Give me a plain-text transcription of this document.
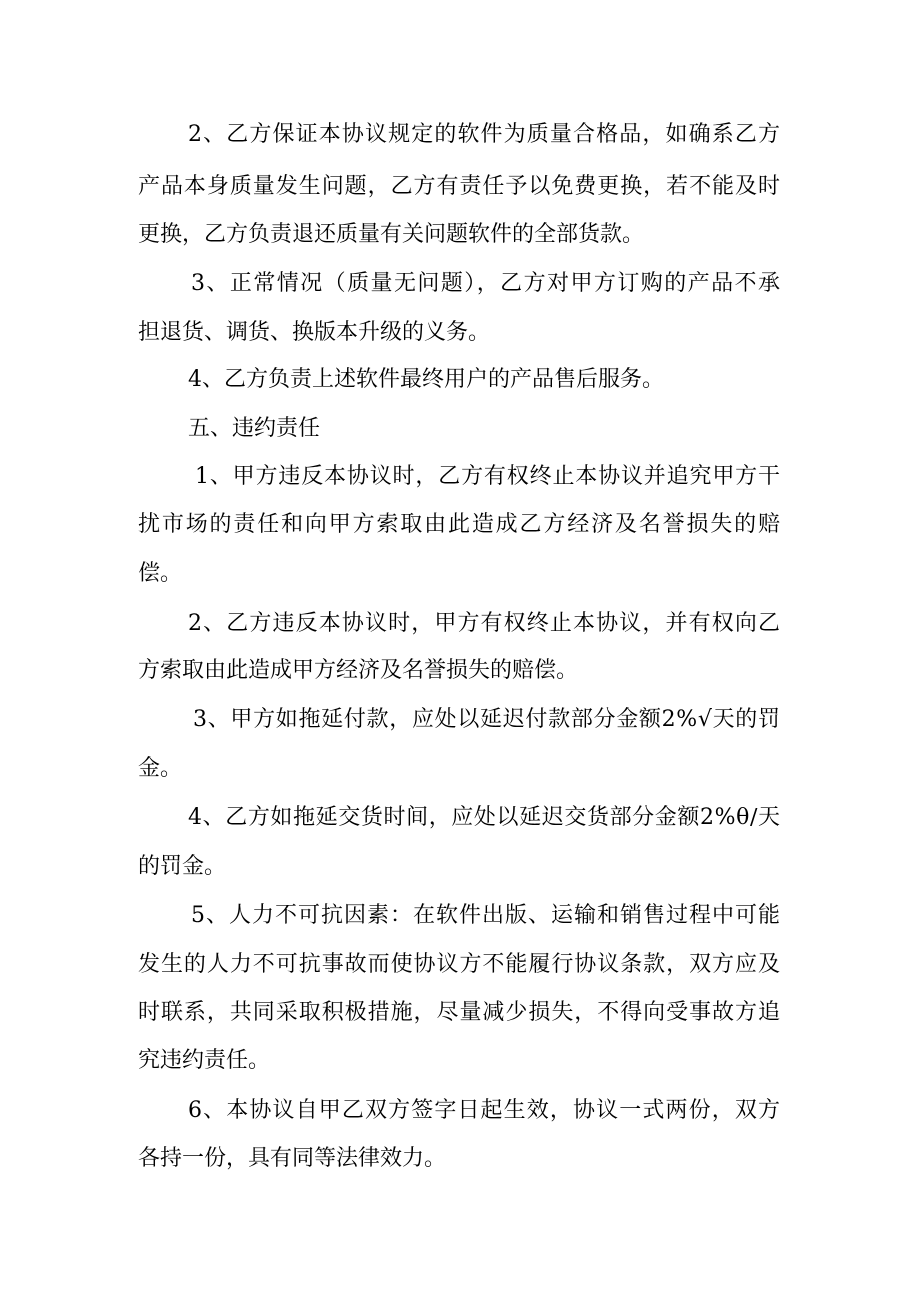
2、乙方保证本协议规定的软件为质量合格品，如确系乙方

产品本身质量发生问题，乙方有责任予以免费更换，若不能及时

更换，乙方负责退还质量有关问题软件的全部货款。

3、正常情况（质量无问题），乙方对甲方订购的产品不承

担退货、调货、换版本升级的义务。

4、乙方负责上述软件最终用户的产品售后服务。

五、违约责任

1、甲方违反本协议时，乙方有权终止本协议并追究甲方干

扰市场的责任和向甲方索取由此造成乙方经济及名誉损失的赔

偿。

2、乙方违反本协议时，甲方有权终止本协议，并有权向乙

方索取由此造成甲方经济及名誉损失的赔偿。

3、甲方如拖延付款，应处以延迟付款部分金额2%√天的罚

金。

4、乙方如拖延交货时间，应处以延迟交货部分金额2%θ∕天

的罚金。

5、人力不可抗因素：在软件出版、运输和销售过程中可能

发生的人力不可抗事故而使协议方不能履行协议条款，双方应及

时联系，共同采取积极措施，尽量减少损失，不得向受事故方追

究违约责任。

6、本协议自甲乙双方签字日起生效，协议一式两份，双方

各持一份，具有同等法律效力。
